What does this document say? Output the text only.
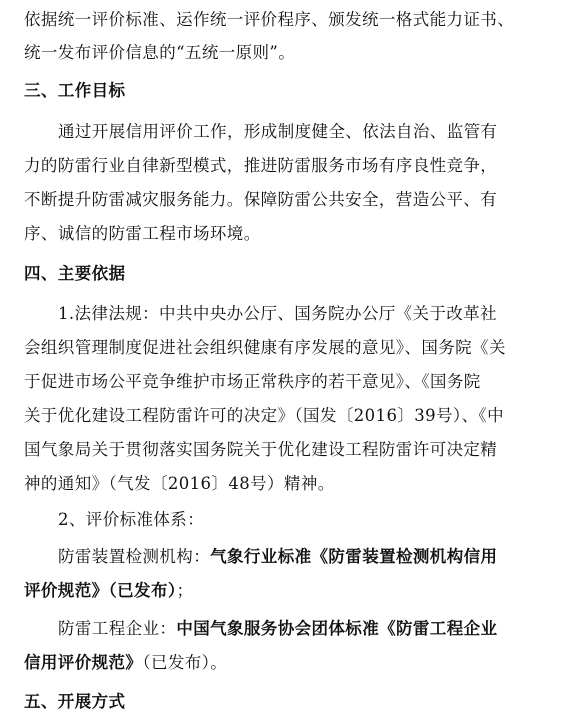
依据统一评价标准、运作统一评价程序、颁发统一格式能力证书、
统一发布评价信息的“五统一原则”。
三、工作目标
通过开展信用评价工作，形成制度健全、依法自治、监管有
力的防雷行业自律新型模式，推进防雷服务市场有序良性竞争，
不断提升防雷减灾服务能力。保障防雷公共安全，营造公平、有
序、诚信的防雷工程市场环境。
四、主要依据
1.法律法规：中共中央办公厅、国务院办公厅《关于改革社
会组织管理制度促进社会组织健康有序发展的意见》、国务院《关
于促进市场公平竞争维护市场正常秩序的若干意见》、《国务院
关于优化建设工程防雷许可的决定》（国发〔2016〕39号）、《中
国气象局关于贯彻落实国务院关于优化建设工程防雷许可决定精
神的通知》（气发〔2016〕48号）精神。
2、评价标准体系：
防雷装置检测机构：气象行业标准《防雷装置检测机构信用
评价规范》（已发布）；
防雷工程企业：中国气象服务协会团体标准《防雷工程企业
信用评价规范》（已发布）。
五、开展方式
